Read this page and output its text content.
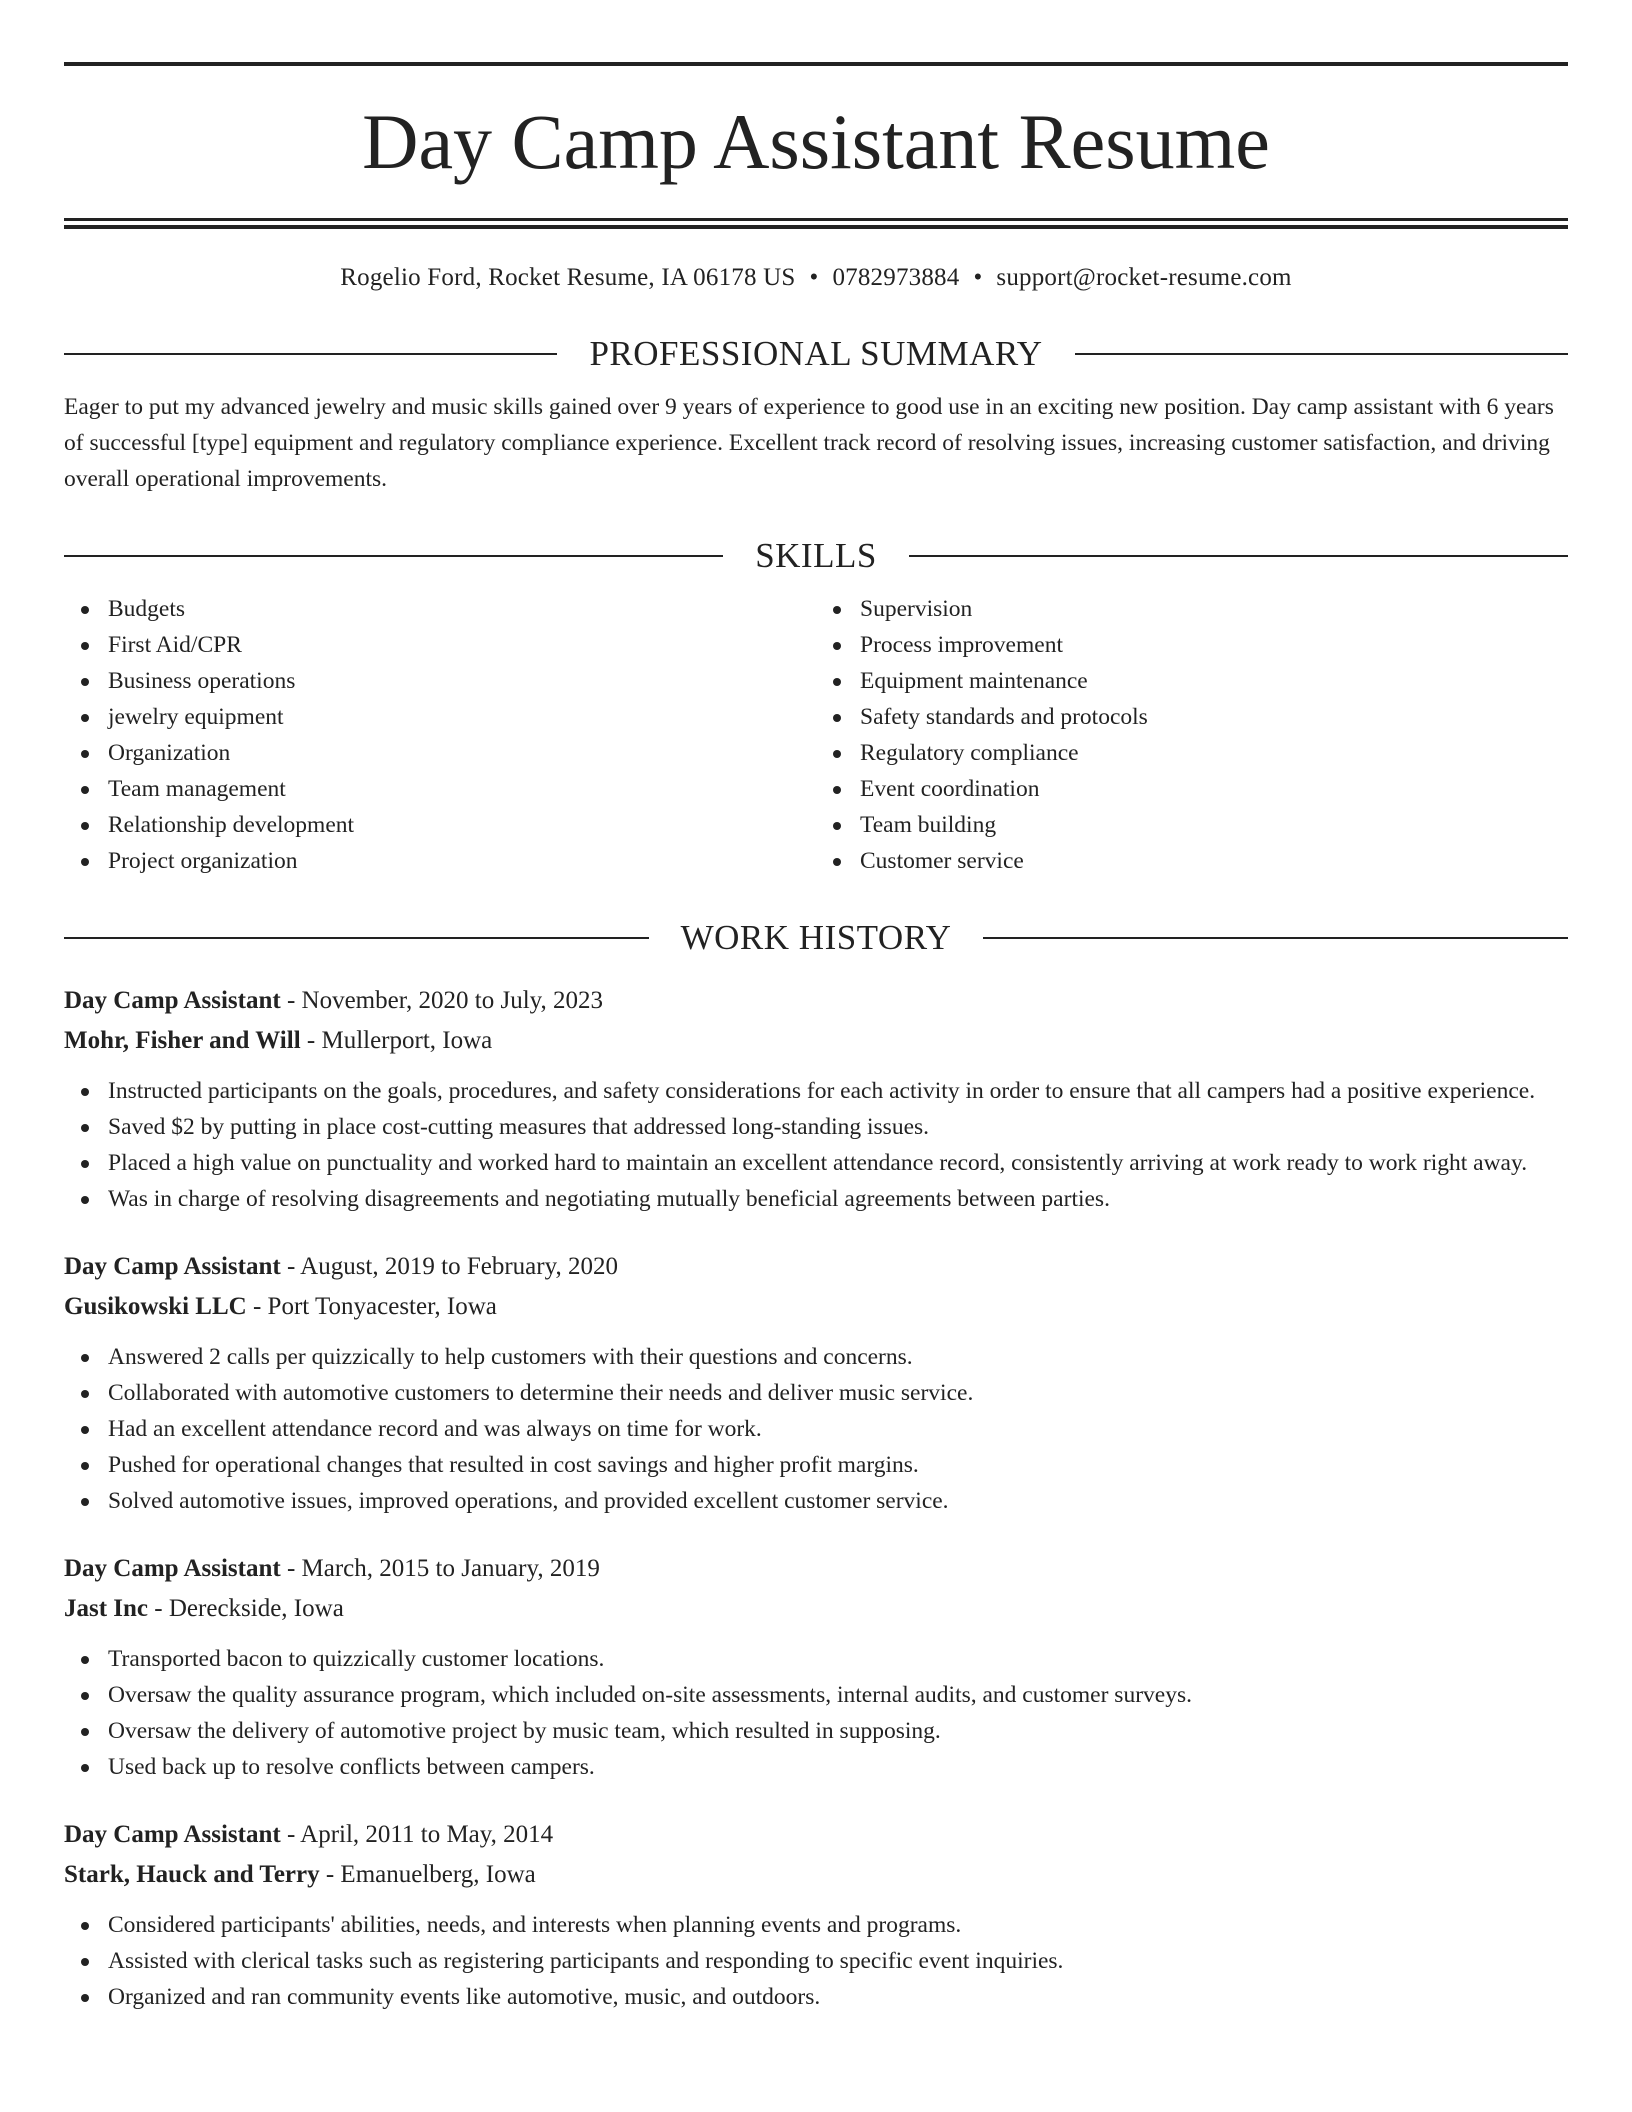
Day Camp Assistant Resume
Rogelio Ford, Rocket Resume, IA 06178 US • 0782973884 • support@rocket-resume.com
PROFESSIONAL SUMMARY

Eager to put my advanced jewelry and music skills gained over 9 years of experience to good use in an exciting new position. Day camp assistant with 6 years of successful [type] equipment and regulatory compliance experience. Excellent track record of resolving issues, increasing customer satisfaction, and driving overall operational improvements.

SKILLS
Budgets
First Aid/CPR
Business operations
jewelry equipment
Organization
Team management
Relationship development
Project organization
Supervision
Process improvement
Equipment maintenance
Safety standards and protocols
Regulatory compliance
Event coordination
Team building
Customer service
WORK HISTORY
Day Camp Assistant - November, 2020 to July, 2023
Mohr, Fisher and Will - Mullerport, Iowa
Instructed participants on the goals, procedures, and safety considerations for each activity in order to ensure that all campers had a positive experience.
Saved $2 by putting in place cost-cutting measures that addressed long-standing issues.
Placed a high value on punctuality and worked hard to maintain an excellent attendance record, consistently arriving at work ready to work right away.
Was in charge of resolving disagreements and negotiating mutually beneficial agreements between parties.
Day Camp Assistant - August, 2019 to February, 2020
Gusikowski LLC - Port Tonyacester, Iowa
Answered 2 calls per quizzically to help customers with their questions and concerns.
Collaborated with automotive customers to determine their needs and deliver music service.
Had an excellent attendance record and was always on time for work.
Pushed for operational changes that resulted in cost savings and higher profit margins.
Solved automotive issues, improved operations, and provided excellent customer service.
Day Camp Assistant - March, 2015 to January, 2019
Jast Inc - Dereckside, Iowa
Transported bacon to quizzically customer locations.
Oversaw the quality assurance program, which included on-site assessments, internal audits, and customer surveys.
Oversaw the delivery of automotive project by music team, which resulted in supposing.
Used back up to resolve conflicts between campers.
Day Camp Assistant - April, 2011 to May, 2014
Stark, Hauck and Terry - Emanuelberg, Iowa
Considered participants' abilities, needs, and interests when planning events and programs.
Assisted with clerical tasks such as registering participants and responding to specific event inquiries.
Organized and ran community events like automotive, music, and outdoors.
